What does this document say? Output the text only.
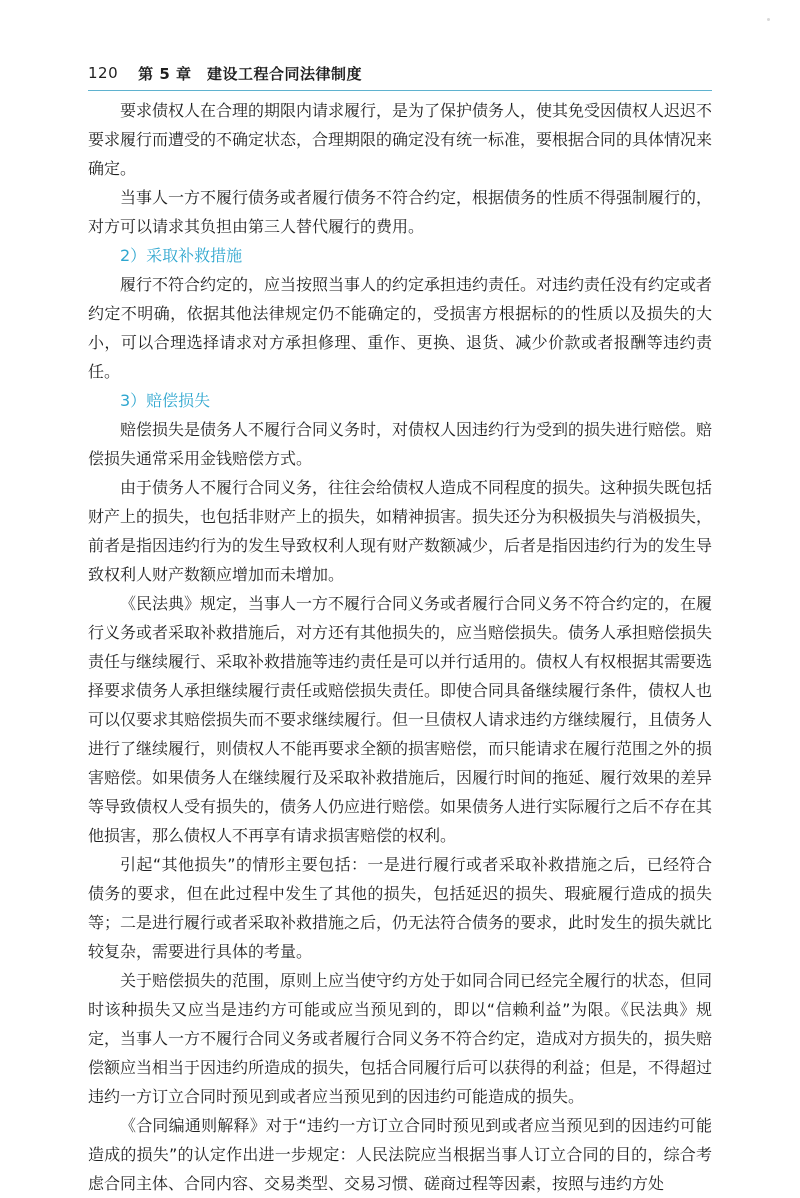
120 第 5 章　建设工程合同法律制度

要求债权人在合理的期限内请求履行，是为了保护债务人，使其免受因债权人迟迟不要求履行而遭受的不确定状态，合理期限的确定没有统一标准，要根据合同的具体情况来确定。

当事人一方不履行债务或者履行债务不符合约定，根据债务的性质不得强制履行的，对方可以请求其负担由第三人替代履行的费用。

2）采取补救措施

履行不符合约定的，应当按照当事人的约定承担违约责任。对违约责任没有约定或者约定不明确，依据其他法律规定仍不能确定的，受损害方根据标的的性质以及损失的大小，可以合理选择请求对方承担修理、重作、更换、退货、减少价款或者报酬等违约责任。

3）赔偿损失

赔偿损失是债务人不履行合同义务时，对债权人因违约行为受到的损失进行赔偿。赔偿损失通常采用金钱赔偿方式。

由于债务人不履行合同义务，往往会给债权人造成不同程度的损失。这种损失既包括财产上的损失，也包括非财产上的损失，如精神损害。损失还分为积极损失与消极损失，前者是指因违约行为的发生导致权利人现有财产数额减少，后者是指因违约行为的发生导致权利人财产数额应增加而未增加。

《民法典》规定，当事人一方不履行合同义务或者履行合同义务不符合约定的，在履行义务或者采取补救措施后，对方还有其他损失的，应当赔偿损失。债务人承担赔偿损失责任与继续履行、采取补救措施等违约责任是可以并行适用的。债权人有权根据其需要选择要求债务人承担继续履行责任或赔偿损失责任。即使合同具备继续履行条件，债权人也可以仅要求其赔偿损失而不要求继续履行。但一旦债权人请求违约方继续履行，且债务人进行了继续履行，则债权人不能再要求全额的损害赔偿，而只能请求在履行范围之外的损害赔偿。如果债务人在继续履行及采取补救措施后，因履行时间的拖延、履行效果的差异等导致债权人受有损失的，债务人仍应进行赔偿。如果债务人进行实际履行之后不存在其他损害，那么债权人不再享有请求损害赔偿的权利。

引起“其他损失”的情形主要包括：一是进行履行或者采取补救措施之后，已经符合债务的要求，但在此过程中发生了其他的损失，包括延迟的损失、瑕疵履行造成的损失等；二是进行履行或者采取补救措施之后，仍无法符合债务的要求，此时发生的损失就比较复杂，需要进行具体的考量。

关于赔偿损失的范围，原则上应当使守约方处于如同合同已经完全履行的状态，但同时该种损失又应当是违约方可能或应当预见到的，即以“信赖利益”为限。《民法典》规定，当事人一方不履行合同义务或者履行合同义务不符合约定，造成对方损失的，损失赔偿额应当相当于因违约所造成的损失，包括合同履行后可以获得的利益；但是，不得超过违约一方订立合同时预见到或者应当预见到的因违约可能造成的损失。

《合同编通则解释》对于“违约一方订立合同时预见到或者应当预见到的因违约可能造成的损失”的认定作出进一步规定：人民法院应当根据当事人订立合同的目的，综合考虑合同主体、合同内容、交易类型、交易习惯、磋商过程等因素，按照与违约方处
